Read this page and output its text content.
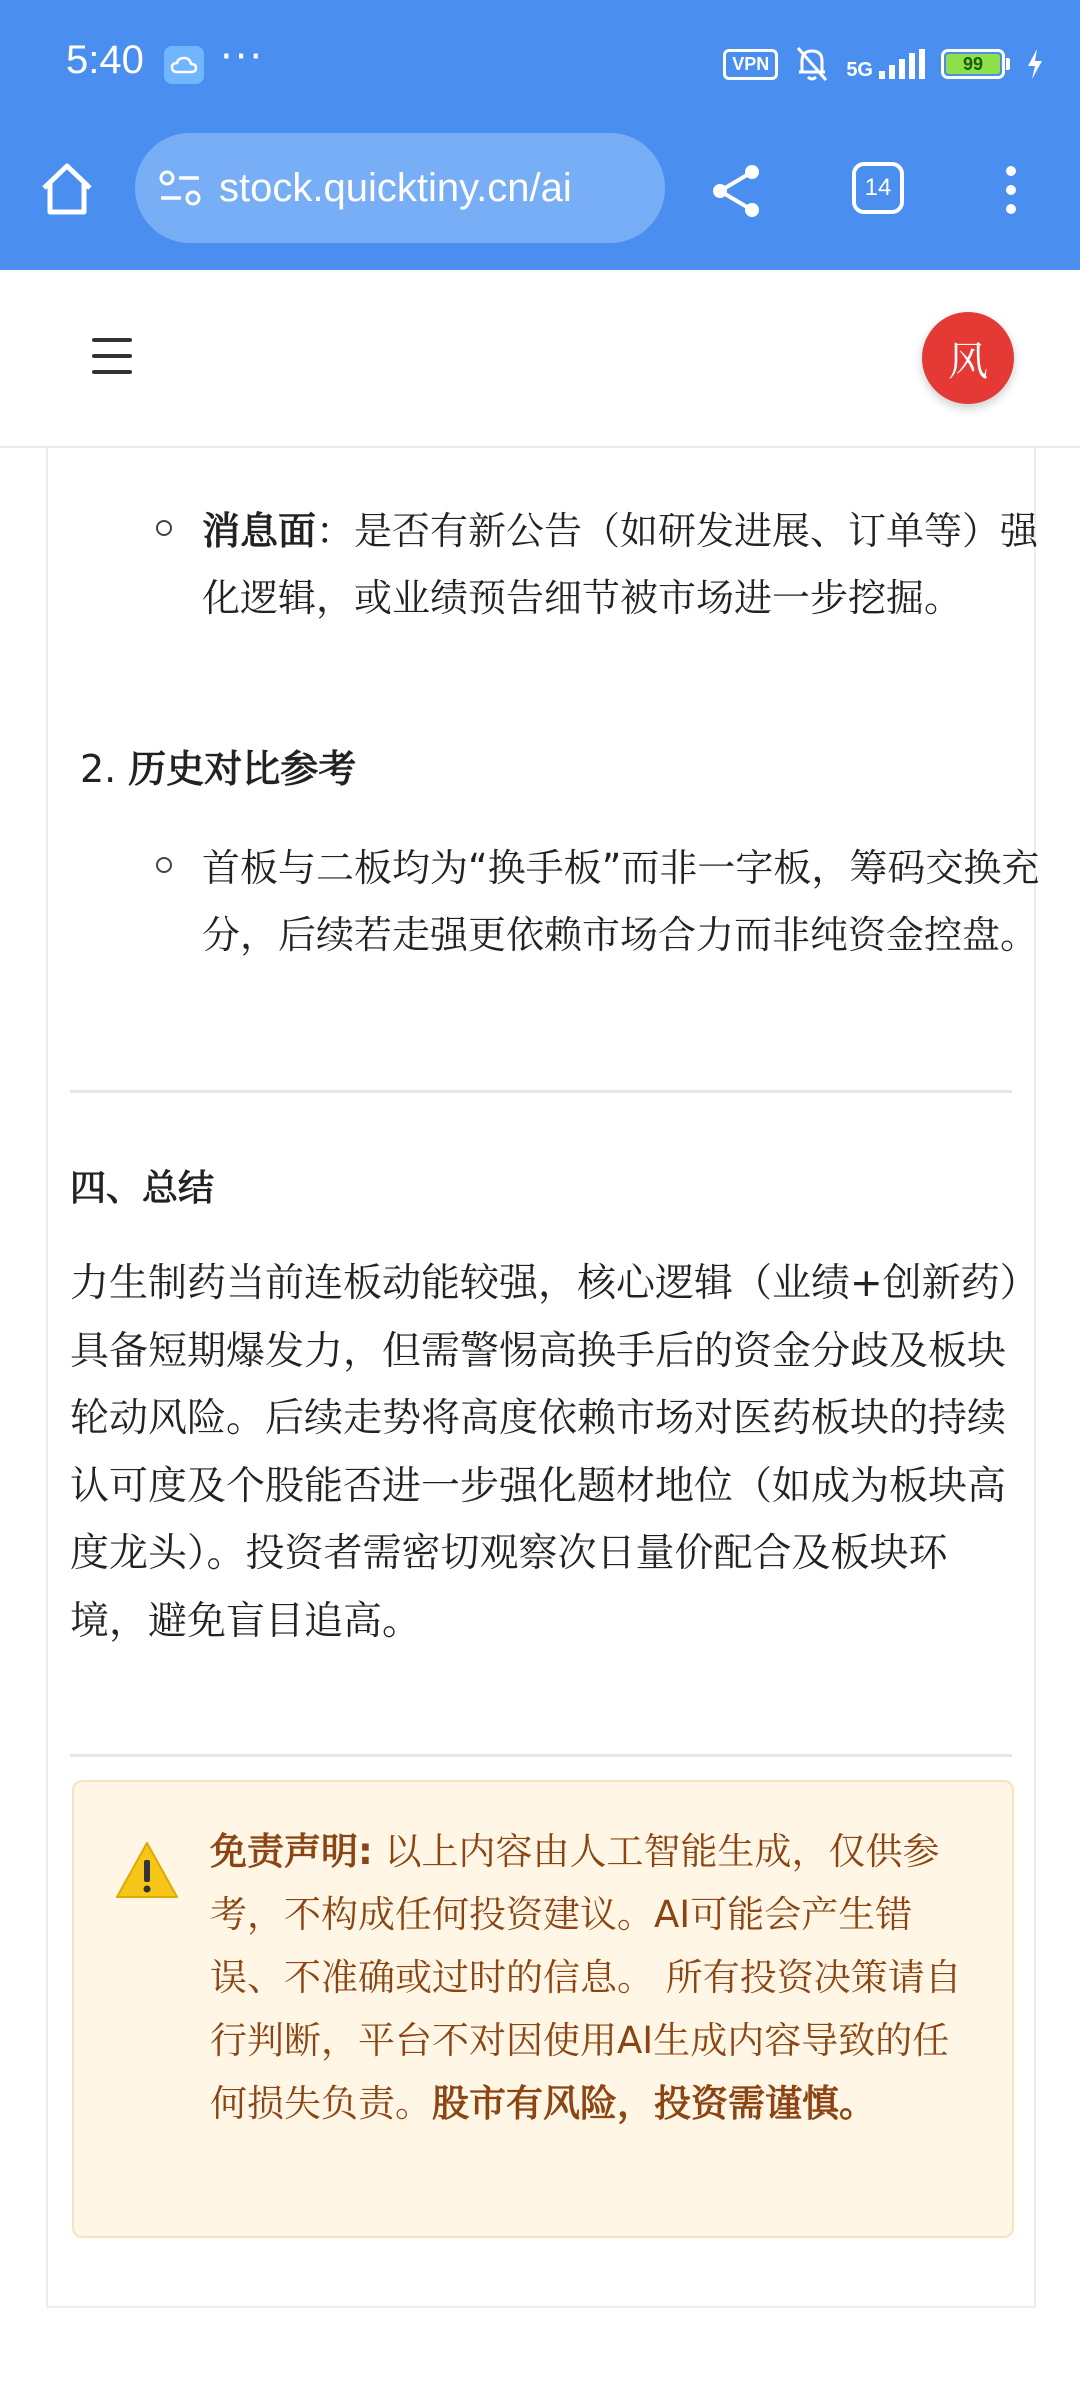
5:40 ···	VPN	5G	99
stock.quicktiny.cn/ai	14
风
消息面：是否有新公告（如研发进展、订单等）强化逻辑，或业绩预告细节被市场进一步挖掘。
2. 历史对比参考
首板与二板均为“换手板”而非一字板，筹码交换充分，后续若走强更依赖市场合力而非纯资金控盘。
四、总结
力生制药当前连板动能较强，核心逻辑（业绩+创新药）具备短期爆发力，但需警惕高换手后的资金分歧及板块轮动风险。后续走势将高度依赖市场对医药板块的持续认可度及个股能否进一步强化题材地位（如成为板块高度龙头）。投资者需密切观察次日量价配合及板块环境，避免盲目追高。
免责声明: 以上内容由人工智能生成，仅供参考，不构成任何投资建议。AI可能会产生错误、不准确或过时的信息。 所有投资决策请自行判断，平台不对因使用AI生成内容导致的任何损失负责。股市有风险，投资需谨慎。
